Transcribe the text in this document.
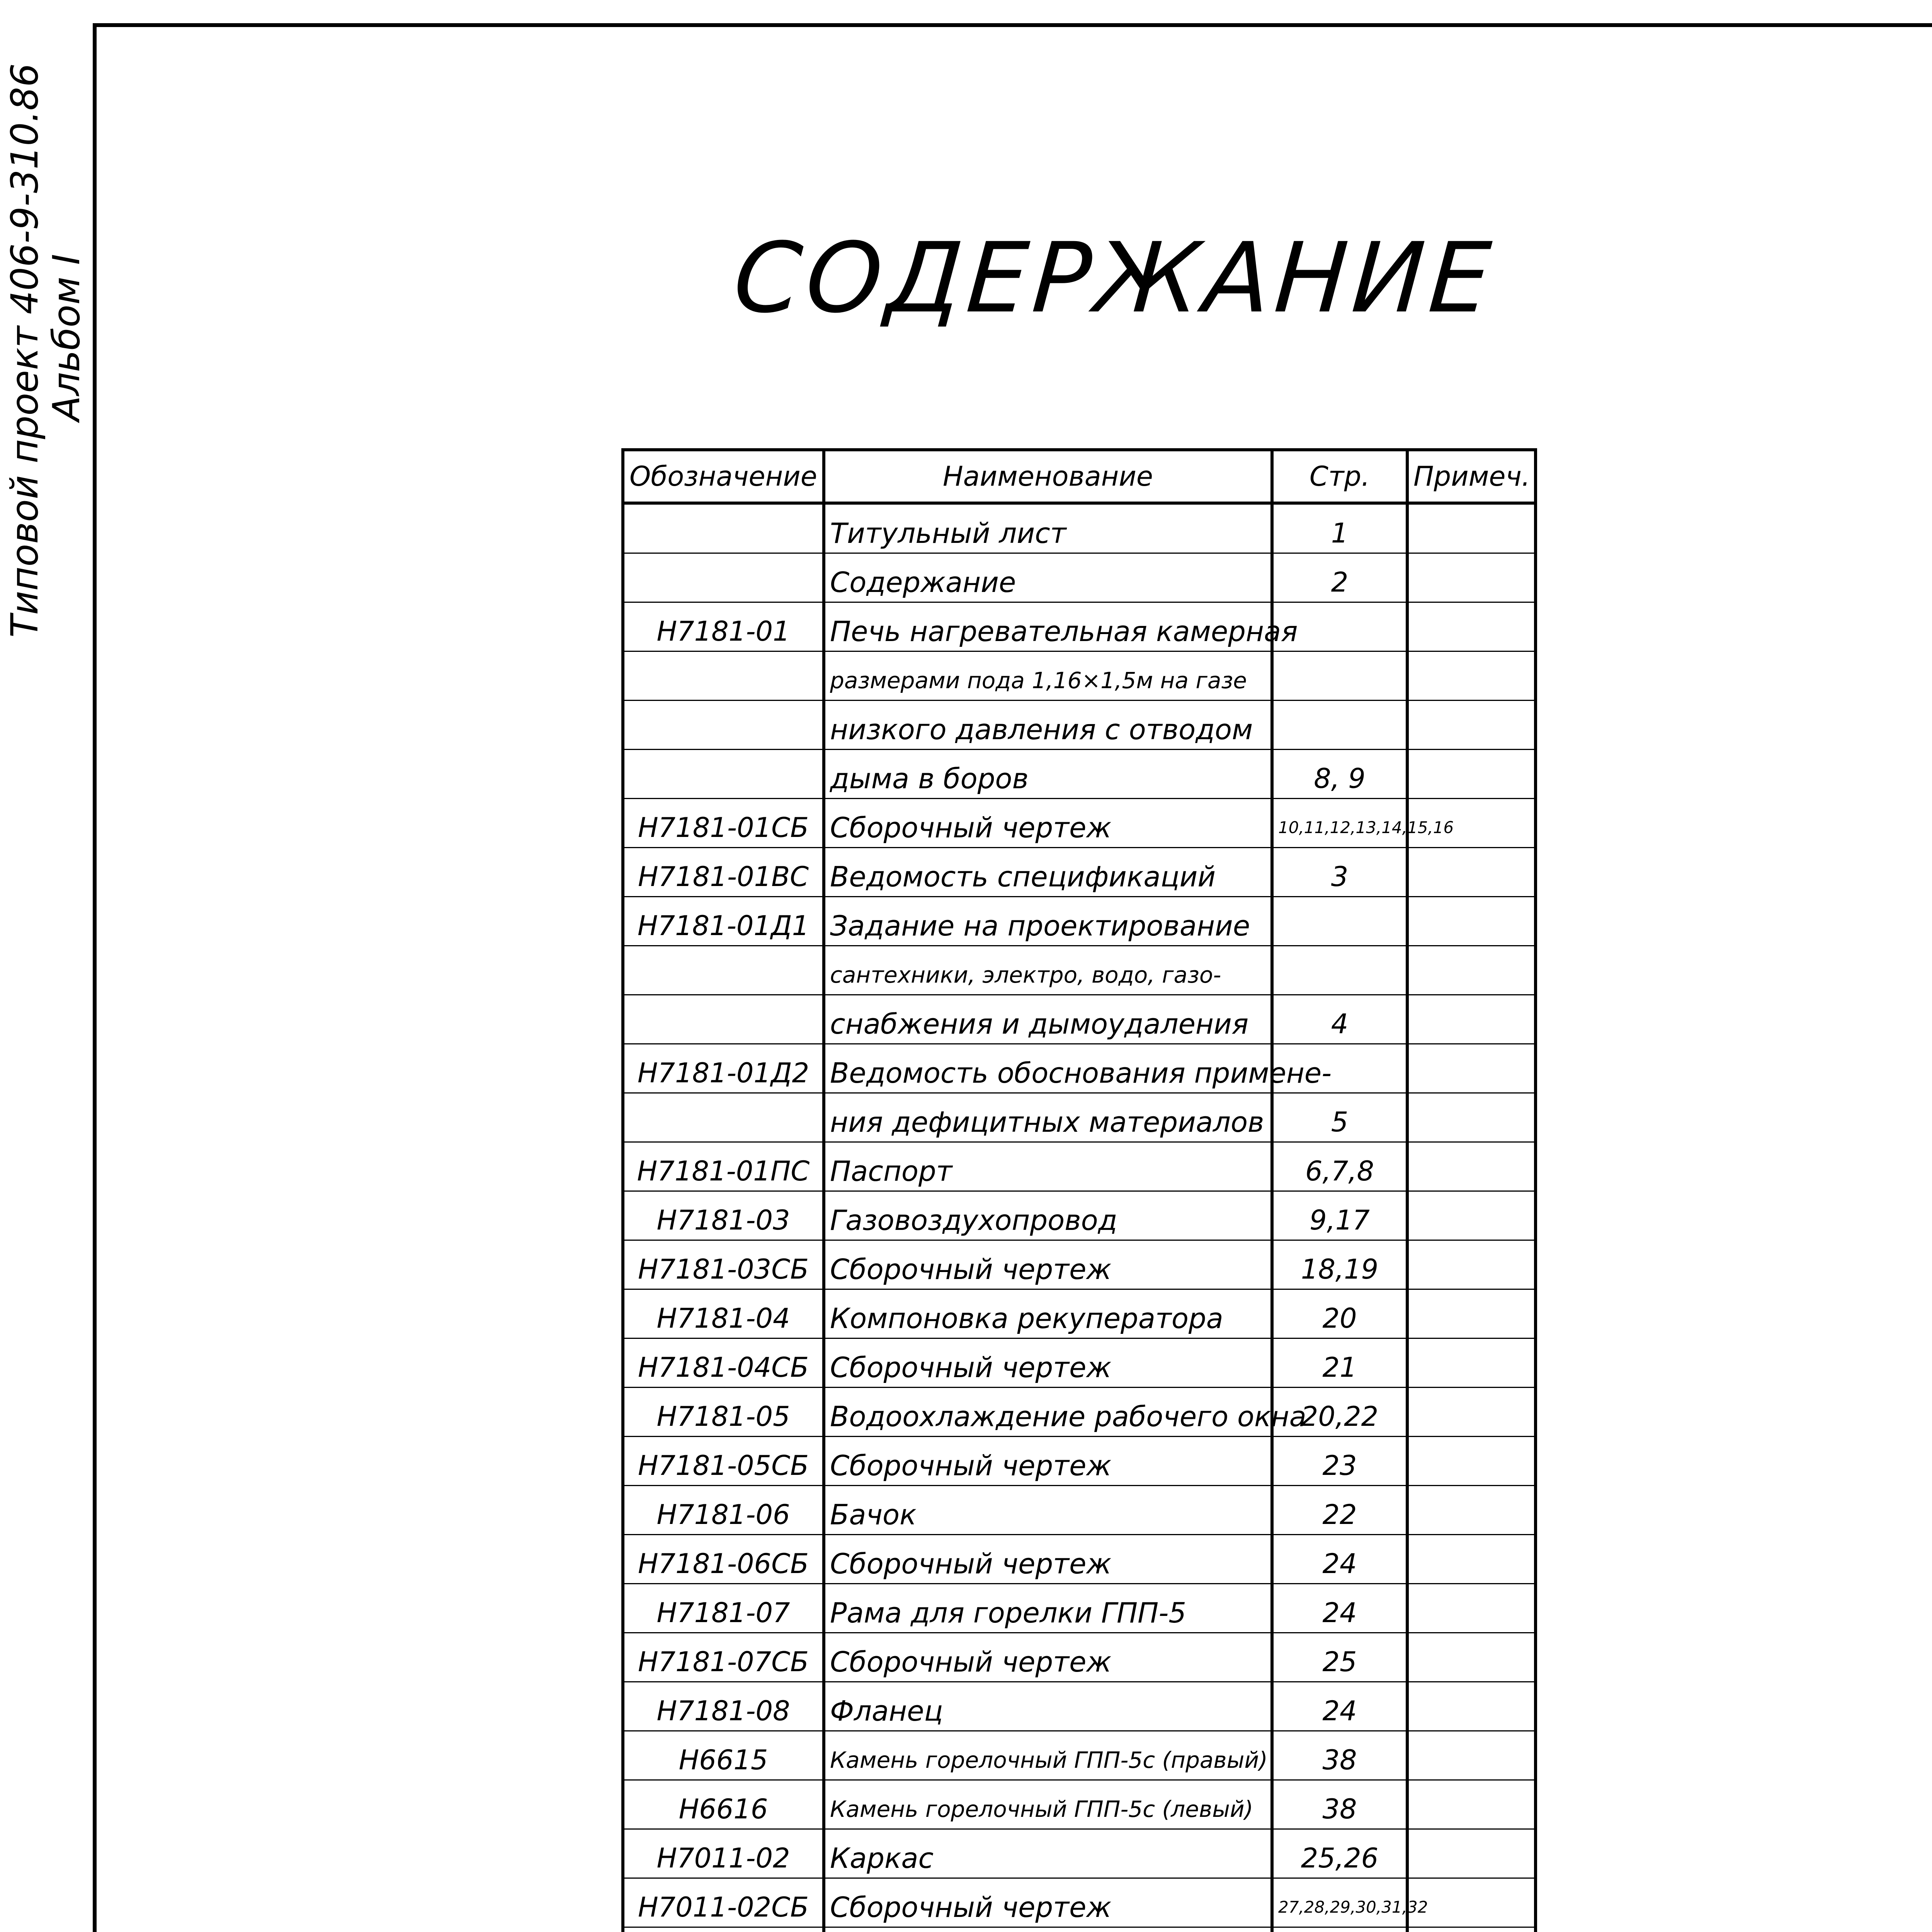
Типовой проект 406-9-310.86
Альбом I	СОДЕРЖАНИЕ
Обозначение	Наименование	Стр.	Примеч.
	Титульный лист	1	
	Содержание	2	
Н7181-01	Печь нагревательная камерная		
	размерами пода 1,16×1,5м на газе		
	низкого давления с отводом		
	дыма в боров	8, 9	
Н7181-01СБ	Сборочный чертеж	10,11,12,13,14,15,16	
Н7181-01ВС	Ведомость спецификаций	3	
Н7181-01Д1	Задание на проектирование		
	сантехники, электро, водо, газо-		
	снабжения и дымоудаления	4	
Н7181-01Д2	Ведомость обоснования примене-		
	ния дефицитных материалов	5	
Н7181-01ПС	Паспорт	6,7,8	
Н7181-03	Газовоздухопровод	9,17	
Н7181-03СБ	Сборочный чертеж	18,19	
Н7181-04	Компоновка рекуператора	20	
Н7181-04СБ	Сборочный чертеж	21	
Н7181-05	Водоохлаждение рабочего окна	20,22	
Н7181-05СБ	Сборочный чертеж	23	
Н7181-06	Бачок	22	
Н7181-06СБ	Сборочный чертеж	24	
Н7181-07	Рама для горелки ГПП-5	24	
Н7181-07СБ	Сборочный чертеж	25	
Н7181-08	Фланец	24	
Н6615	Камень горелочный ГПП-5с (правый)	38	
Н6616	Камень горелочный ГПП-5с (левый)	38	
Н7011-02	Каркас	25,26	
Н7011-02СБ	Сборочный чертеж	27,28,29,30,31,32	
